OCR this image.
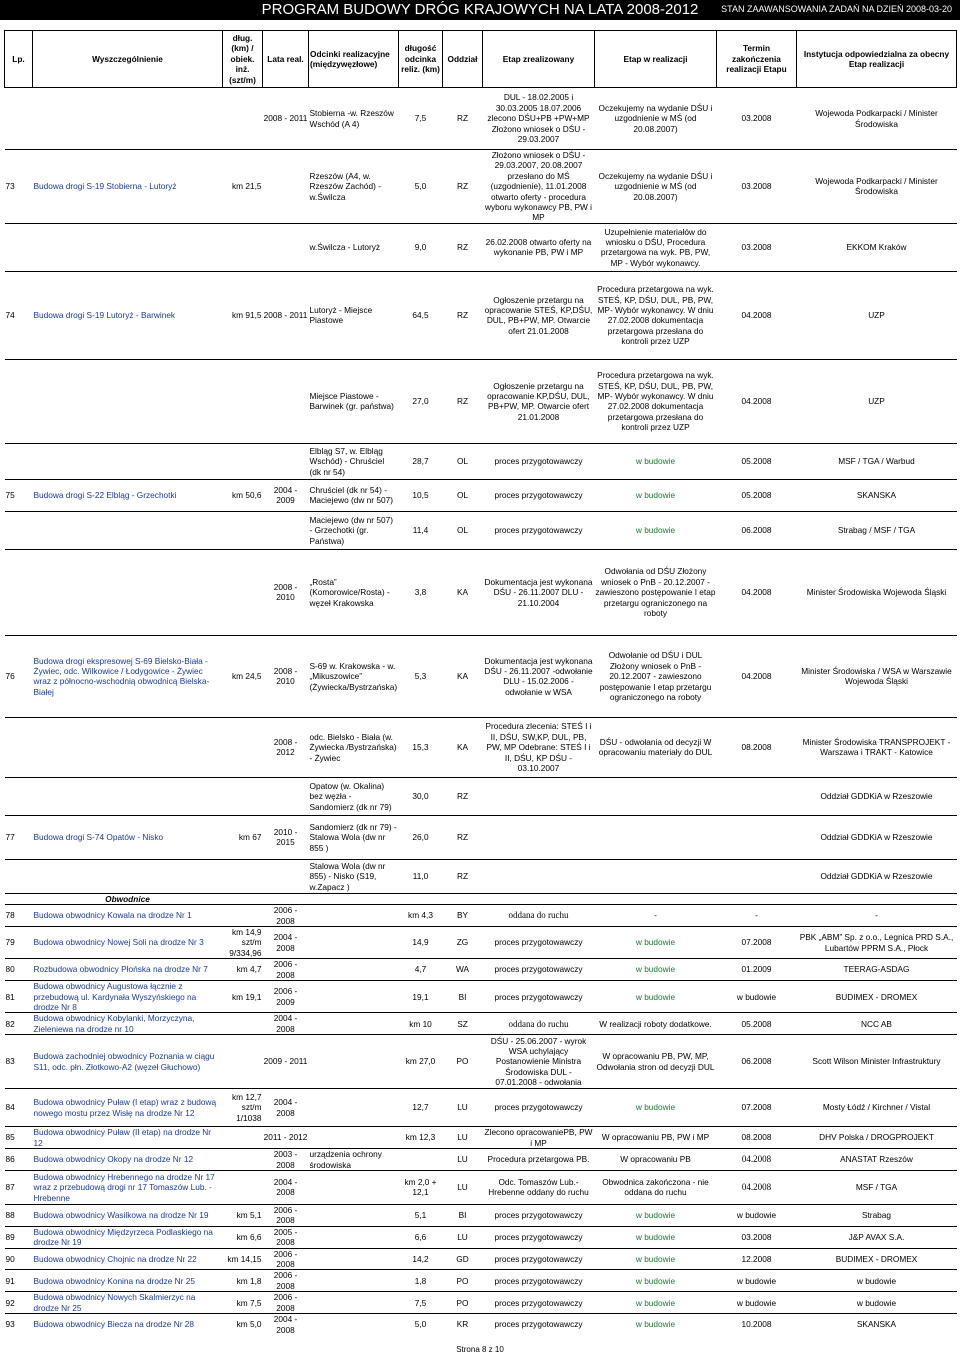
PROGRAM BUDOWY DRÓG KRAJOWYCH NA LATA 2008-2012	STAN ZAAWANSOWANIA ZADAŃ NA DZIEŃ 2008-03-20
Lp.	Wyszczególnienie	dług. (km) / obiek. inż. (szt/m)	Lata real.	Odcinki realizacyjne (międzywęzłowe)	długość odcinka reliz. (km)	Oddział	Etap zrealizowany	Etap w realizacji	Termin zakończenia realizacji Etapu	Instytucja odpowiedzialna za obecny Etap realizacji
			2008 - 2011	Stobierna -w. Rzeszów Wschód (A 4)	7,5	RZ	DUL - 18.02.2005 i 30.03.2005 18.07.2006 zlecono DŚU+PB +PW+MP Złożono wniosek o DŚU - 29.03.2007	Oczekujemy na wydanie DŚU i uzgodnienie w MŚ (od 20.08.2007)	03.2008	Wojewoda Podkarpacki / Minister Środowiska
73	Budowa drogi S-19 Stobierna - Lutoryż	km 21,5		Rzeszów (A4, w. Rzeszów Zachód) - w.Świlcza	5,0	RZ	Złożono wniosek o DŚU - 29.03.2007, 20.08.2007 przesłano do MŚ (uzgodnienie), 11.01.2008 otwarto oferty - procedura wyboru wykonawcy PB, PW i MP	Oczekujemy na wydanie DŚU i uzgodnienie w MŚ (od 20.08.2007)	03.2008	Wojewoda Podkarpacki / Minister Środowiska
				w.Świlcza - Lutoryż	9,0	RZ	26.02.2008 otwarto oferty na wykonanie PB, PW i MP	Uzupełnienie materiałów do wniosku o DŚU, Procedura przetargowa na wyk. PB, PW, MP - Wybór wykonawcy.	03.2008	EKKOM Kraków
74	Budowa drogi S-19 Lutoryż - Barwinek	km 91,5	2008 - 2011	Lutoryż - Miejsce Piastowe	64,5	RZ	Ogłoszenie przetargu na opracowanie STEŚ, KP,DŚU, DUL, PB+PW, MP. Otwarcie ofert 21.01.2008	Procedura przetargowa na wyk. STEŚ, KP, DŚU, DUL, PB, PW, MP- Wybór wykonawcy. W dniu 27.02.2008 dokumentacja przetargowa przesłana do kontroli przez UZP	04.2008	UZP
				Miejsce Piastowe - Barwinek (gr. państwa)	27,0	RZ	Ogłoszenie przetargu na opracowanie KP,DŚU, DUL, PB+PW, MP. Otwarcie ofert 21.01.2008	Procedura przetargowa na wyk. STEŚ, KP, DŚU, DUL, PB, PW, MP- Wybór wykonawcy. W dniu 27.02.2008 dokumentacja przetargowa przesłana do kontroli przez UZP	04.2008	UZP
				Elbląg S7, w. Elbląg Wschód) - Chruściel (dk nr 54)	28,7	OL	proces przygotowawczy	w budowie	05.2008	MSF / TGA / Warbud
75	Budowa drogi S-22 Elbląg - Grzechotki	km 50,6	2004 - 2009	Chruściel (dk nr 54) - Maciejewo (dw nr 507)	10,5	OL	proces przygotowawczy	w budowie	05.2008	SKANSKA
				Maciejewo (dw nr 507) - Grzechotki (gr. Państwa)	11,4	OL	proces przygotowawczy	w budowie	06.2008	Strabag / MSF / TGA
			2008 - 2010	„Rosta” (Komorowice/Rosta) - węzeł Krakowska	3,8	KA	Dokumentacja jest wykonana DŚU - 26.11.2007 DLU - 21.10.2004	Odwołania od DŚU Złożony wniosek o PnB - 20.12.2007 - zawieszono postępowanie I etap przetargu ograniczonego na roboty	04.2008	Minister Środowiska Wojewoda Śląski
76	Budowa drogi ekspresowej S-69 Bielsko-Biała - Żywiec, odc. Wilkowice / Łodygowice - Żywiec wraz z północno-wschodnią obwodnicą Bielska-Białej	km 24,5	2008 - 2010	S-69 w. Krakowska - w. „Mikuszowice” (Żywiecka/Bystrzańska)	5,3	KA	Dokumentacja jest wykonana DŚU - 26.11.2007 -odwołanie DLU - 15.02.2006 - odwołanie w WSA	Odwołanie od DŚU i DUL Złożony wniosek o PnB - 20.12.2007 - zawieszono postępowanie I etap przetargu ograniczonego na roboty	04.2008	Minister Środowiska / WSA w Warszawie Wojewoda Śląski
			2008 - 2012	odc. Bielsko - Biała (w. Żywiecka /Bystrzańska) - Żywiec	15,3	KA	Procedura zlecenia: STEŚ I i II, DŚU, SW,KP, DUL, PB, PW, MP Odebrane: STEŚ I i II, DŚU, KP DŚU - 03.10.2007	DŚU - odwołania od decyzji W opracowaniu materiały do DUL	08.2008	Minister Środowiska TRANSPROJEKT - Warszawa i TRAKT - Katowice
				Opatow (w. Okalina) bez węzła - Sandomierz (dk nr 79)	30,0	RZ				Oddział GDDKiA w Rzeszowie
77	Budowa drogi S-74 Opatów - Nisko	km 67	2010 - 2015	Sandomierz (dk nr 79) - Stalowa Wola (dw nr 855 )	26,0	RZ				Oddział GDDKiA w Rzeszowie
				Stalowa Wola (dw nr 855) - Nisko (S19, w.Zapacz )	11,0	RZ				Oddział GDDKiA w Rzeszowie
	Obwodnice									
78	Budowa obwodnicy Kowala na drodze Nr 1		2006 - 2008		km 4,3	BY	oddana do ruchu	-	-	-
79	Budowa obwodnicy Nowej Soli na drodze Nr 3	km 14,9 szt/m 9/334,96	2004 - 2008		14,9	ZG	proces przygotowawczy	w budowie	07.2008	PBK „ABM” Sp. z o.o., Legnica PRD S.A., Lubartów PPRM S.A., Płock
80	Rozbudowa obwodnicy Płońska na drodze Nr 7	km 4,7	2006 - 2008		4,7	WA	proces przygotowawczy	w budowie	01.2009	TEERAG-ASDAG
81	Budowa obwodnicy Augustowa łącznie z przebudową ul. Kardynała Wyszyńskiego na drodze Nr 8	km 19,1	2006 - 2009		19,1	BI	proces przygotowawczy	w budowie	w budowie	BUDIMEX - DROMEX
82	Budowa obwodnicy Kobylanki, Morzyczyna, Zieleniewa na drodze nr 10		2004 - 2008		km 10	SZ	oddana do ruchu	W realizacji roboty dodatkowe.	05.2008	NCC AB
83	Budowa zachodniej obwodnicy Poznania w ciągu S11, odc. płn. Złotkowo-A2 (węzeł Głuchowo)		2009 - 2011		km 27,0	PO	DŚU - 25.06.2007 - wyrok WSA uchylający Postanowienie Ministra Środowiska DUL - 07.01.2008 - odwołania	W opracowaniu PB, PW, MP, Odwołania stron od decyzji DUL	06.2008	Scott Wilson Minister Infrastruktury
84	Budowa obwodnicy Puław (I etap) wraz z budową nowego mostu przez Wisłę na drodze Nr 12	km 12,7 szt/m 1/1038	2004 - 2008		12,7	LU	proces przygotowawczy	w budowie	07.2008	Mosty Łódź / Kirchner / Vistal
85	Budowa obwodnicy Puław (II etap) na drodze Nr 12		2011 - 2012		km 12,3	LU	Zlecono opracowaniePB, PW i MP	W opracowaniu PB, PW i MP	08.2008	DHV Polska / DROGPROJEKT
86	Budowa obwodnicy Okopy na drodze Nr 12		2003 - 2008	urządzenia ochrony środowiska		LU	Procedura przetargowa PB.	W opracowaniu PB	04.2008	ANASTAT Rzeszów
87	Budowa obwodnicy Hrebennego na drodze Nr 17 wraz z przebudową drogi nr 17 Tomaszów Lub. - Hrebenne		2004 - 2008		km 2,0 + 12,1	LU	Odc. Tomaszów Lub.- Hrebenne oddany do ruchu	Obwodnica zakończona - nie oddana do ruchu	04.2008	MSF / TGA
88	Budowa obwodnicy Wasilkowa na drodze Nr 19	km 5,1	2006 - 2008		5,1	BI	proces przygotowawczy	w budowie	w budowie	Strabag
89	Budowa obwodnicy Międzyrzeca Podlaskiego na drodze Nr 19	km 6,6	2005 - 2008		6,6	LU	proces przygotowawczy	w budowie	03.2008	J&P AVAX S.A.
90	Budowa obwodnicy Chojnic na drodze Nr 22	km 14,15	2006 - 2008		14,2	GD	proces przygotowawczy	w budowie	12.2008	BUDIMEX - DROMEX
91	Budowa obwodnicy Konina na drodze Nr 25	km 1,8	2006 - 2008		1,8	PO	proces przygotowawczy	w budowie	w budowie	w budowie
92	Budowa obwodnicy Nowych Skalmierzyc na drodze Nr 25	km 7,5	2006 - 2008		7,5	PO	proces przygotowawczy	w budowie	w budowie	w budowie
93	Budowa obwodnicy Biecza na drodze Nr 28	km 5,0	2004 - 2008		5,0	KR	proces przygotowawczy	w budowie	10.2008	SKANSKA
Strona 8 z 10
